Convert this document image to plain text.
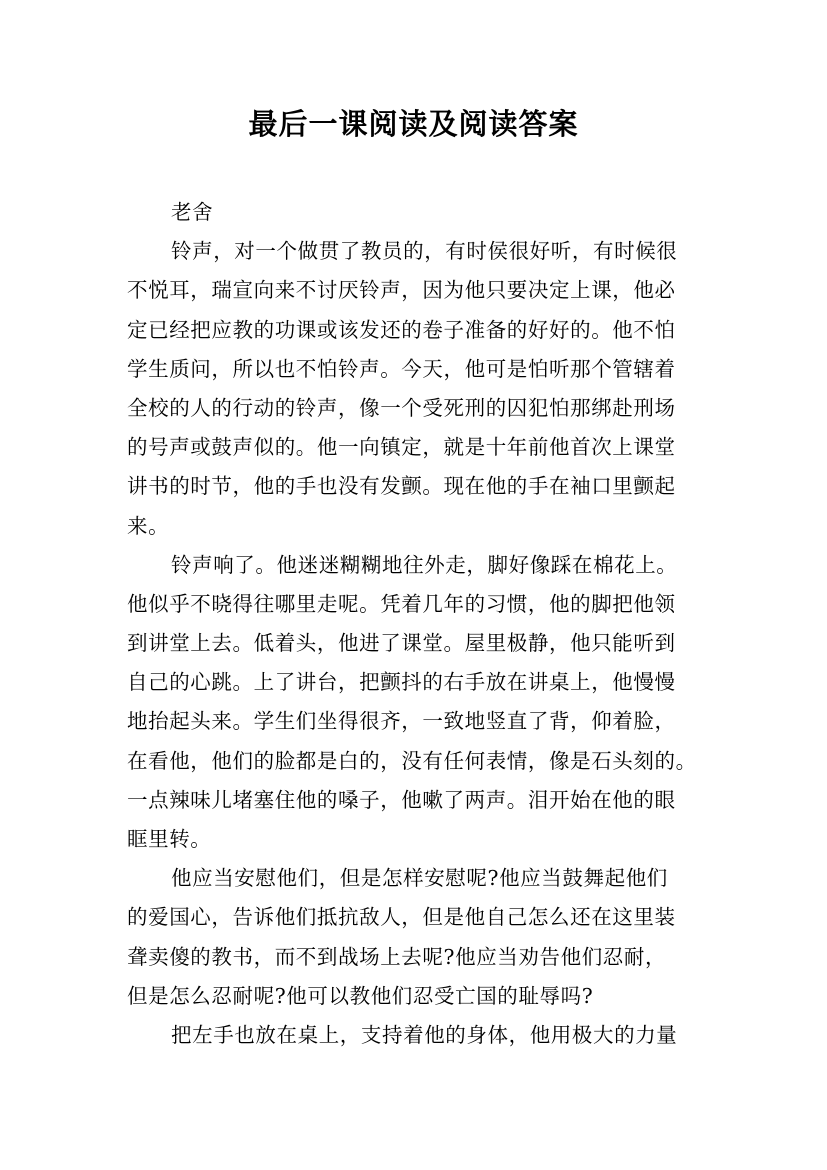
最后一课阅读及阅读答案
老舍
铃声，对一个做贯了教员的，有时侯很好听，有时候很
不悦耳，瑞宣向来不讨厌铃声，因为他只要决定上课，他必
定已经把应教的功课或该发还的卷子准备的好好的。他不怕
学生质问，所以也不怕铃声。今天，他可是怕听那个管辖着
全校的人的行动的铃声，像一个受死刑的囚犯怕那绑赴刑场
的号声或鼓声似的。他一向镇定，就是十年前他首次上课堂
讲书的时节，他的手也没有发颤。现在他的手在袖口里颤起
来。
铃声响了。他迷迷糊糊地往外走，脚好像踩在棉花上。
他似乎不晓得往哪里走呢。凭着几年的习惯，他的脚把他领
到讲堂上去。低着头，他进了课堂。屋里极静，他只能听到
自己的心跳。上了讲台，把颤抖的右手放在讲桌上，他慢慢
地抬起头来。学生们坐得很齐，一致地竖直了背，仰着脸，
在看他，他们的脸都是白的，没有任何表情，像是石头刻的。
一点辣味儿堵塞住他的嗓子，他嗽了两声。泪开始在他的眼
眶里转。
他应当安慰他们，但是怎样安慰呢?他应当鼓舞起他们
的爱国心，告诉他们抵抗敌人，但是他自己怎么还在这里装
聋卖傻的教书，而不到战场上去呢?他应当劝告他们忍耐，
但是怎么忍耐呢?他可以教他们忍受亡国的耻辱吗?
把左手也放在桌上，支持着他的身体，他用极大的力量
